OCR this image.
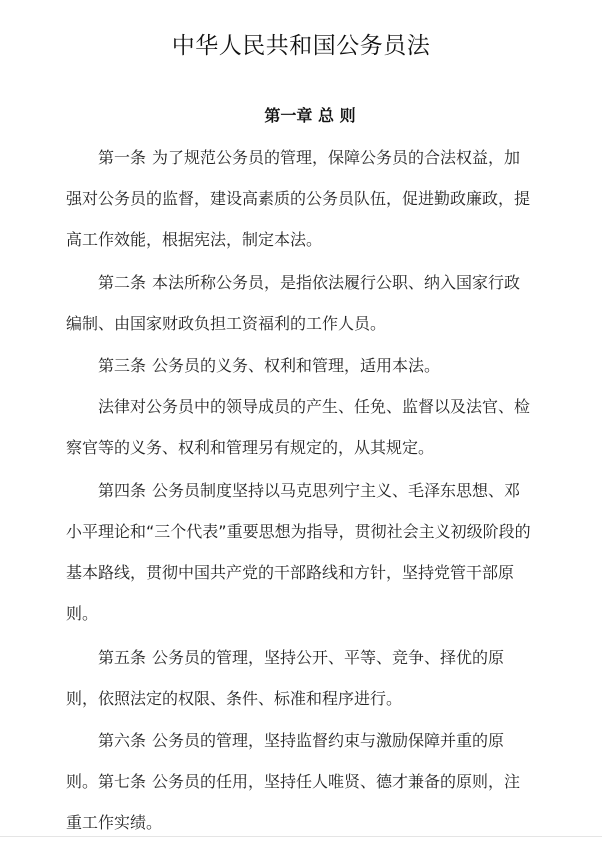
中华人民共和国公务员法
第一章 总 则

第一条 为了规范公务员的管理，保障公务员的合法权益，加强对公务员的监督，建设高素质的公务员队伍，促进勤政廉政，提高工作效能，根据宪法，制定本法。

第二条 本法所称公务员，是指依法履行公职、纳入国家行政编制、由国家财政负担工资福利的工作人员。

第三条 公务员的义务、权利和管理，适用本法。

法律对公务员中的领导成员的产生、任免、监督以及法官、检察官等的义务、权利和管理另有规定的，从其规定。

第四条 公务员制度坚持以马克思列宁主义、毛泽东思想、邓小平理论和“三个代表”重要思想为指导，贯彻社会主义初级阶段的基本路线，贯彻中国共产党的干部路线和方针，坚持党管干部原则。

第五条 公务员的管理，坚持公开、平等、竞争、择优的原则，依照法定的权限、条件、标准和程序进行。

第六条 公务员的管理，坚持监督约束与激励保障并重的原则。 第七条 公务员的任用，坚持任人唯贤、德才兼备的原则，注重工作实绩。
